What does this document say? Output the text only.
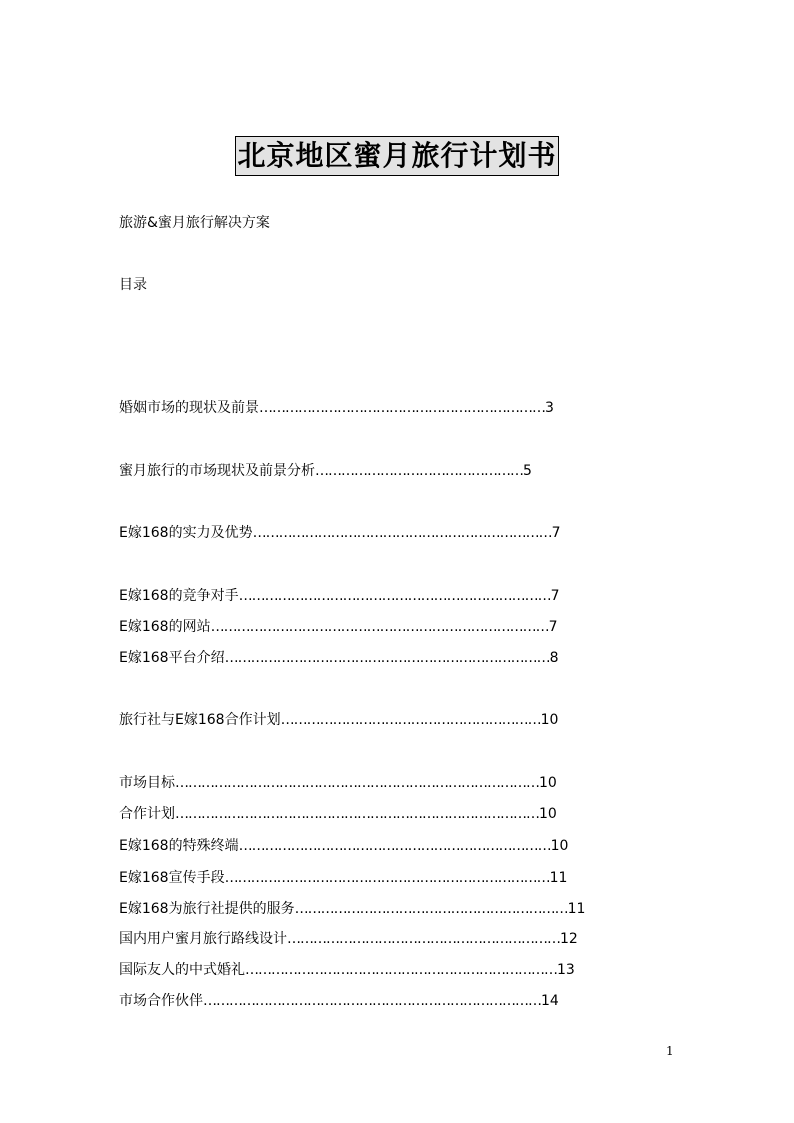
北京地区蜜月旅行计划书
旅游&蜜月旅行解决方案
目录
婚姻市场的现状及前景…………………………………………………………3
蜜月旅行的市场现状及前景分析…………………………………………5
E嫁168的实力及优势……………………………………………………………7
E嫁168的竞争对手………………………………………………………………7
E嫁168的网站……………………………………………………………………7
E嫁168平台介绍…………………………………………………………………8
旅行社与E嫁168合作计划……………………………………………………10
市场目标…………………………………………………………………………10
合作计划…………………………………………………………………………10
E嫁168的特殊终端………………………………………………………………10
E嫁168宣传手段…………………………………………………………………11
E嫁168为旅行社提供的服务………………………………………………………11
国内用户蜜月旅行路线设计………………………………………………………12
国际友人的中式婚礼………………………………………………………………13
市场合作伙伴……………………………………………………………………14
1
